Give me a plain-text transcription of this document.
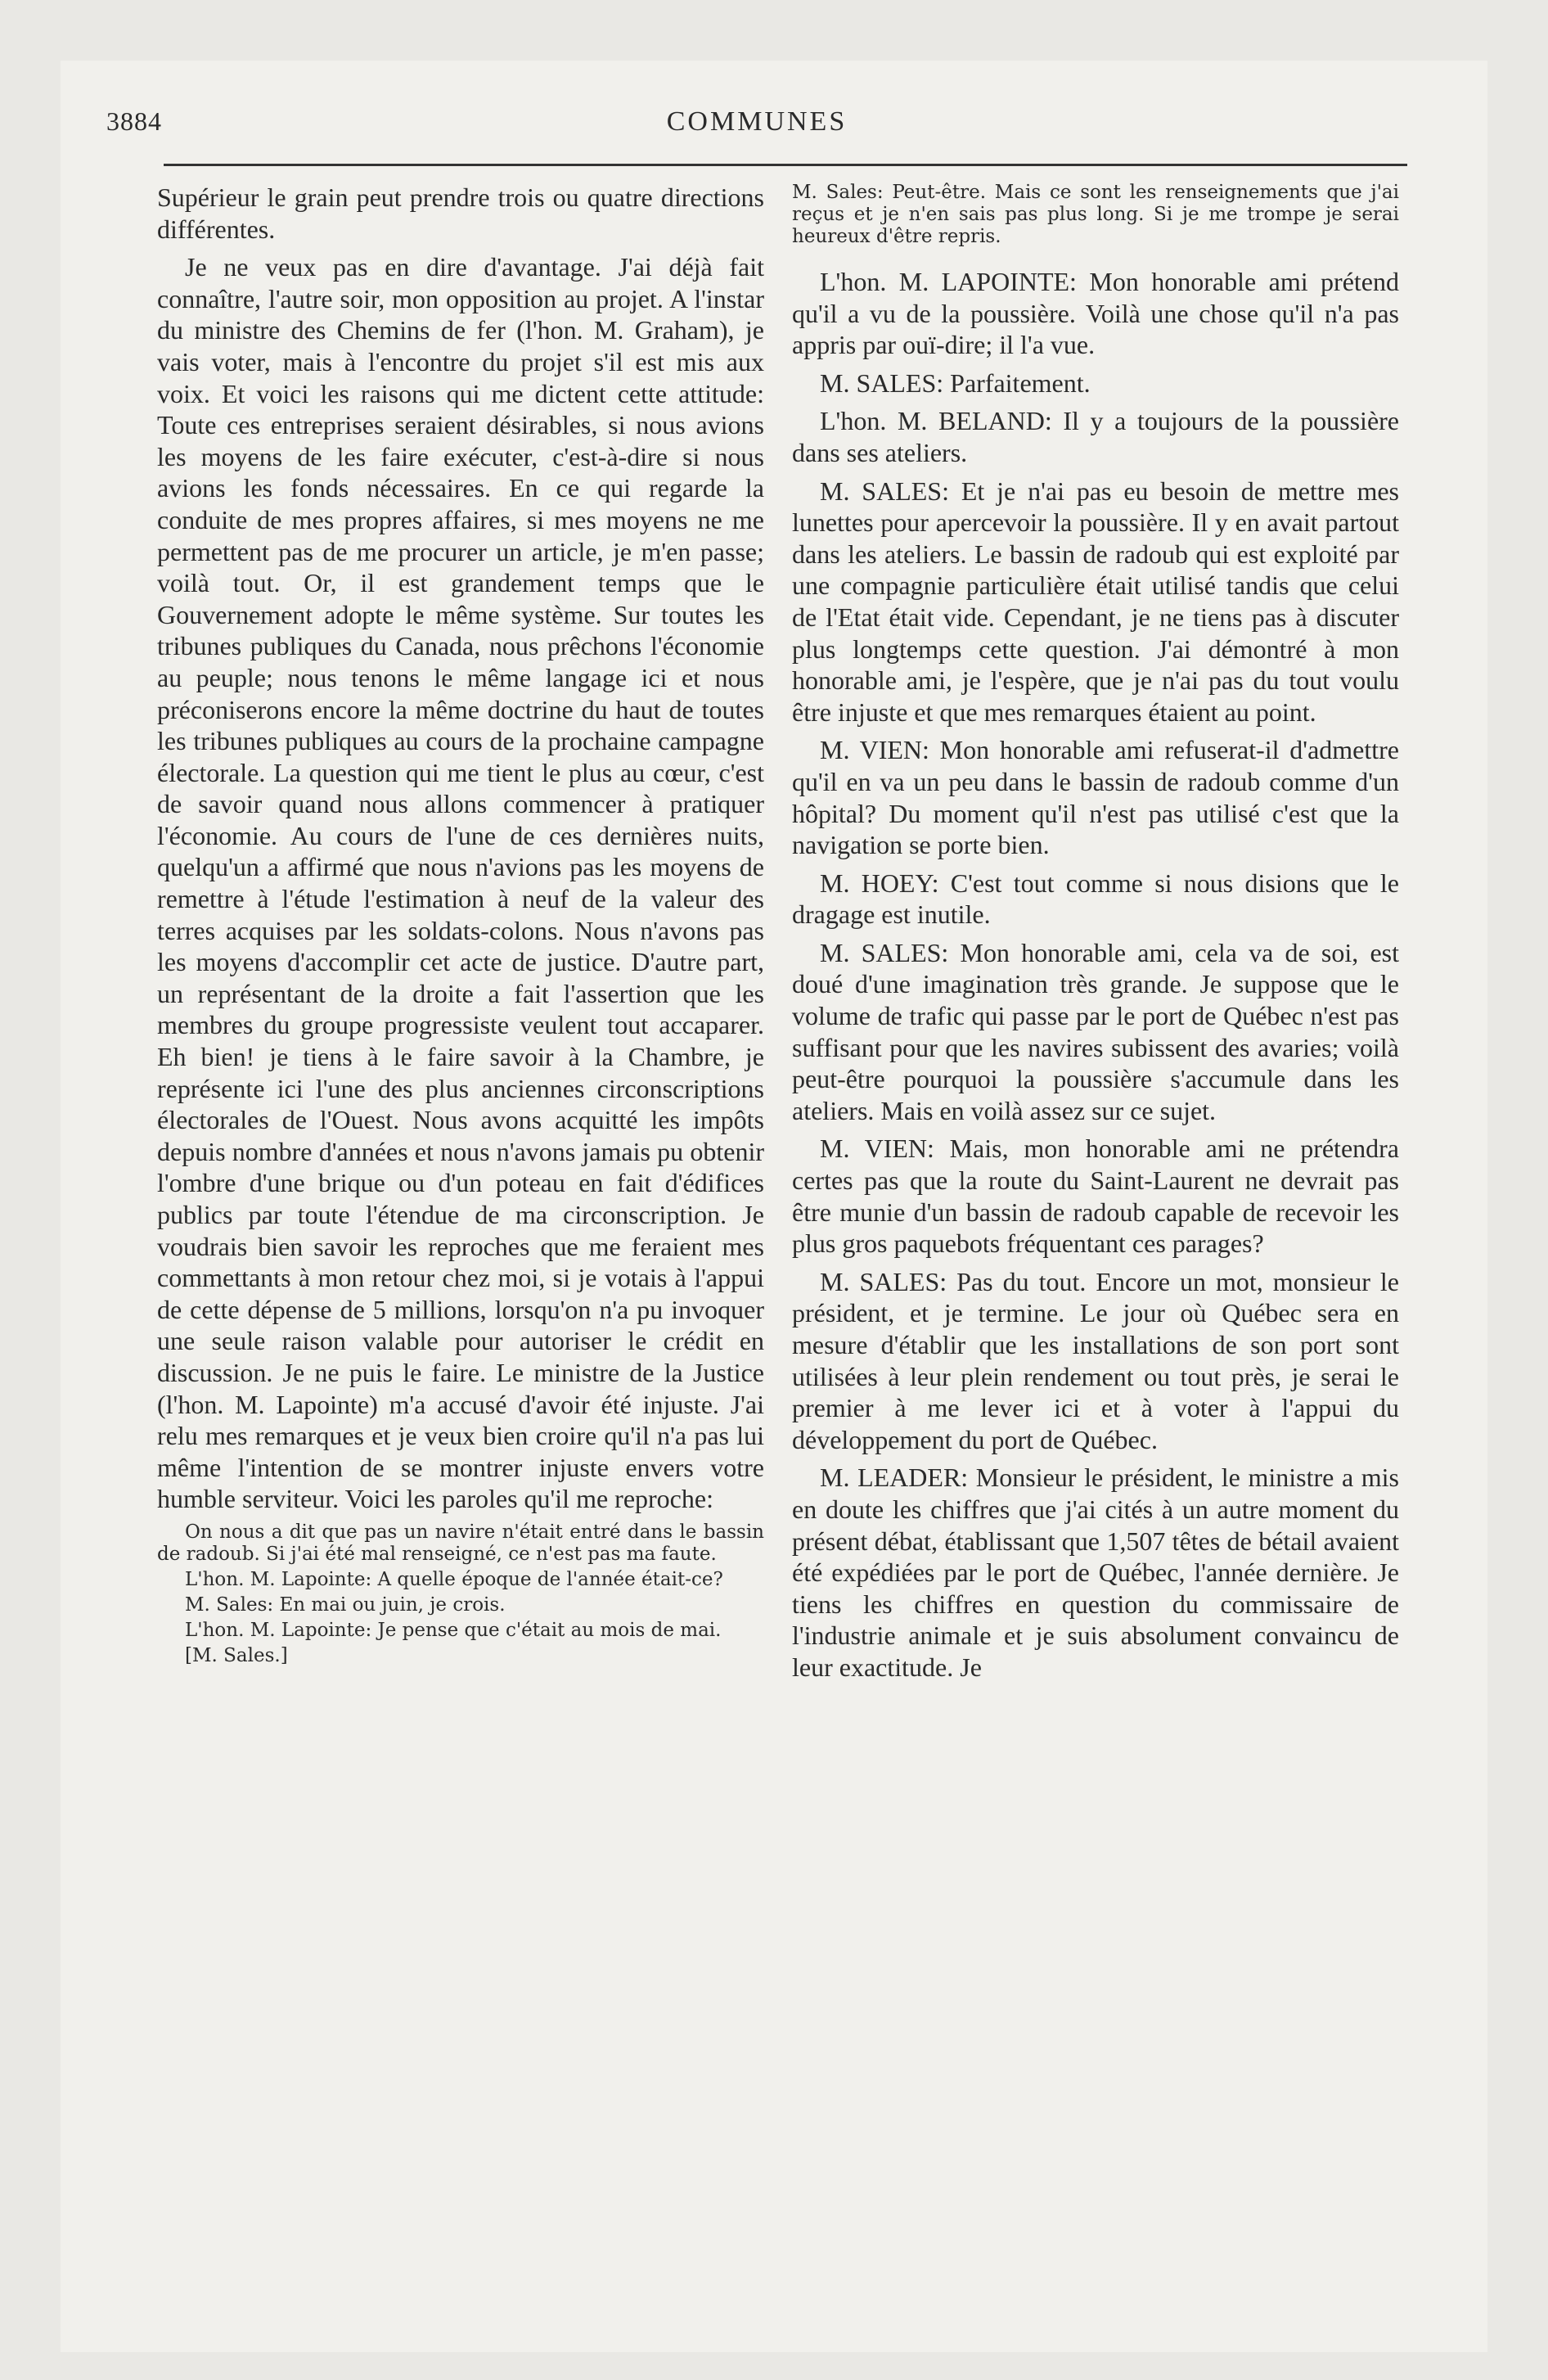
3884	COMMUNES

Supérieur le grain peut prendre trois ou quatre directions différentes.

Je ne veux pas en dire d'avantage. J'ai déjà fait connaître, l'autre soir, mon opposition au projet. A l'instar du ministre des Chemins de fer (l'hon. M. Graham), je vais voter, mais à l'encontre du projet s'il est mis aux voix. Et voici les raisons qui me dictent cette attitude: Toute ces entreprises seraient désirables, si nous avions les moyens de les faire exécuter, c'est-à-dire si nous avions les fonds nécessaires. En ce qui regarde la conduite de mes propres affaires, si mes moyens ne me permettent pas de me procurer un article, je m'en passe; voilà tout. Or, il est grandement temps que le Gouvernement adopte le même système. Sur toutes les tribunes publiques du Canada, nous prêchons l'économie au peuple; nous tenons le même langage ici et nous préconiserons encore la même doctrine du haut de toutes les tribunes publiques au cours de la prochaine campagne électorale. La question qui me tient le plus au cœur, c'est de savoir quand nous allons commencer à pratiquer l'économie. Au cours de l'une de ces dernières nuits, quelqu'un a affirmé que nous n'avions pas les moyens de remettre à l'étude l'estimation à neuf de la valeur des terres acquises par les soldats-colons. Nous n'avons pas les moyens d'accomplir cet acte de justice. D'autre part, un représentant de la droite a fait l'assertion que les membres du groupe progressiste veulent tout accaparer. Eh bien! je tiens à le faire savoir à la Chambre, je représente ici l'une des plus anciennes circonscriptions électorales de l'Ouest. Nous avons acquitté les impôts depuis nombre d'années et nous n'avons jamais pu obtenir l'ombre d'une brique ou d'un poteau en fait d'édifices publics par toute l'étendue de ma circonscription. Je voudrais bien savoir les reproches que me feraient mes commettants à mon retour chez moi, si je votais à l'appui de cette dépense de 5 millions, lorsqu'on n'a pu invoquer une seule raison valable pour autoriser le crédit en discussion. Je ne puis le faire. Le ministre de la Justice (l'hon. M. Lapointe) m'a accusé d'avoir été injuste. J'ai relu mes remarques et je veux bien croire qu'il n'a pas lui même l'intention de se montrer injuste envers votre humble serviteur. Voici les paroles qu'il me reproche:

On nous a dit que pas un navire n'était entré dans le bassin de radoub. Si j'ai été mal renseigné, ce n'est pas ma faute.

L'hon. M. Lapointe: A quelle époque de l'année était-ce?

M. Sales: En mai ou juin, je crois.

L'hon. M. Lapointe: Je pense que c'était au mois de mai.

[M. Sales.]

M. Sales: Peut-être. Mais ce sont les renseignements que j'ai reçus et je n'en sais pas plus long. Si je me trompe je serai heureux d'être repris.

L'hon. M. LAPOINTE: Mon honorable ami prétend qu'il a vu de la poussière. Voilà une chose qu'il n'a pas appris par ouï-dire; il l'a vue.

M. SALES: Parfaitement.

L'hon. M. BELAND: Il y a toujours de la poussière dans ses ateliers.

M. SALES: Et je n'ai pas eu besoin de mettre mes lunettes pour apercevoir la poussière. Il y en avait partout dans les ateliers. Le bassin de radoub qui est exploité par une compagnie particulière était utilisé tandis que celui de l'Etat était vide. Cependant, je ne tiens pas à discuter plus longtemps cette question. J'ai démontré à mon honorable ami, je l'espère, que je n'ai pas du tout voulu être injuste et que mes remarques étaient au point.

M. VIEN: Mon honorable ami refuserat-il d'admettre qu'il en va un peu dans le bassin de radoub comme d'un hôpital? Du moment qu'il n'est pas utilisé c'est que la navigation se porte bien.

M. HOEY: C'est tout comme si nous disions que le dragage est inutile.

M. SALES: Mon honorable ami, cela va de soi, est doué d'une imagination très grande. Je suppose que le volume de trafic qui passe par le port de Québec n'est pas suffisant pour que les navires subissent des avaries; voilà peut-être pourquoi la poussière s'accumule dans les ateliers. Mais en voilà assez sur ce sujet.

M. VIEN: Mais, mon honorable ami ne prétendra certes pas que la route du Saint-Laurent ne devrait pas être munie d'un bassin de radoub capable de recevoir les plus gros paquebots fréquentant ces parages?

M. SALES: Pas du tout. Encore un mot, monsieur le président, et je termine. Le jour où Québec sera en mesure d'établir que les installations de son port sont utilisées à leur plein rendement ou tout près, je serai le premier à me lever ici et à voter à l'appui du développement du port de Québec.

M. LEADER: Monsieur le président, le ministre a mis en doute les chiffres que j'ai cités à un autre moment du présent débat, établissant que 1,507 têtes de bétail avaient été expédiées par le port de Québec, l'année dernière. Je tiens les chiffres en question du commissaire de l'industrie animale et je suis absolument convaincu de leur exactitude. Je
